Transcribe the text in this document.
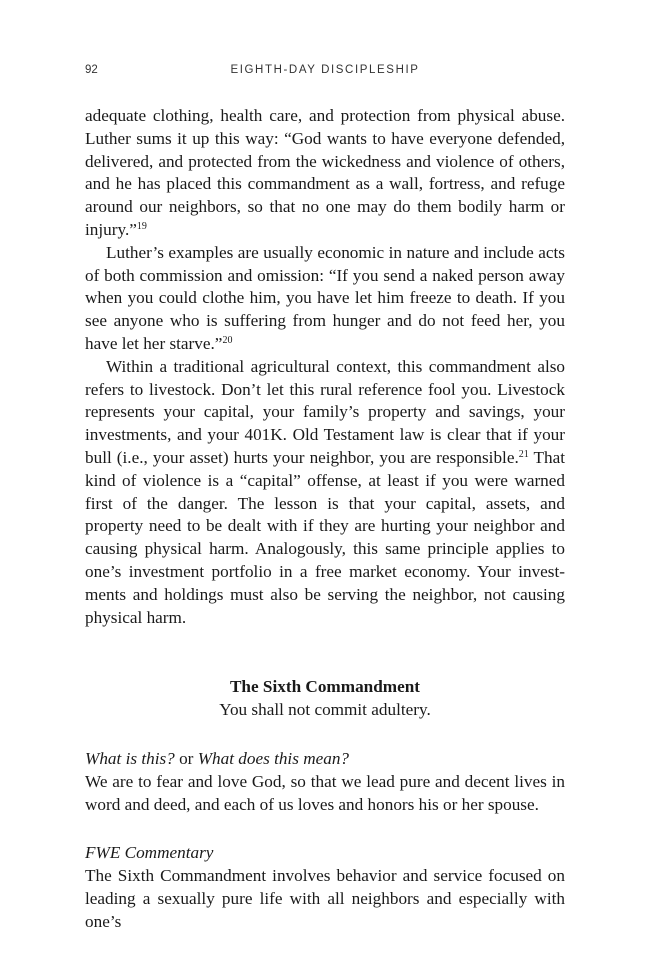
92	EIGHTH-DAY DISCIPLESHIP

adequate clothing, health care, and protection from physical abuse. Luther sums it up this way: “God wants to have everyone defended, delivered, and protected from the wickedness and violence of others, and he has placed this commandment as a wall, fortress, and refuge around our neighbors, so that no one may do them bodily harm or injury.”$^{19}$

Luther’s examples are usually economic in nature and include acts of both commission and omission: “If you send a naked person away when you could clothe him, you have let him freeze to death. If you see anyone who is suffering from hunger and do not feed her, you have let her starve.”$^{20}$

Within a traditional agricultural context, this commandment also refers to livestock. Don’t let this rural reference fool you. Livestock represents your capital, your family’s property and savings, your investments, and your 401K. Old Testament law is clear that if your bull (i.e., your asset) hurts your neighbor, you are responsible.$^{21}$ That kind of violence is a “capital” offense, at least if you were warned first of the danger. The lesson is that your capital, assets, and property need to be dealt with if they are hurting your neighbor and causing physical harm. Analogously, this same principle applies to one’s investment portfolio in a free market economy. Your investments and holdings must also be serving the neighbor, not causing physical harm.

The Sixth Commandment
You shall not commit adultery.
What is this? or What does this mean?

We are to fear and love God, so that we lead pure and decent lives in word and deed, and each of us loves and honors his or her spouse.

FWE Commentary

The Sixth Commandment involves behavior and service focused on leading a sexually pure life with all neighbors and especially with one’s
